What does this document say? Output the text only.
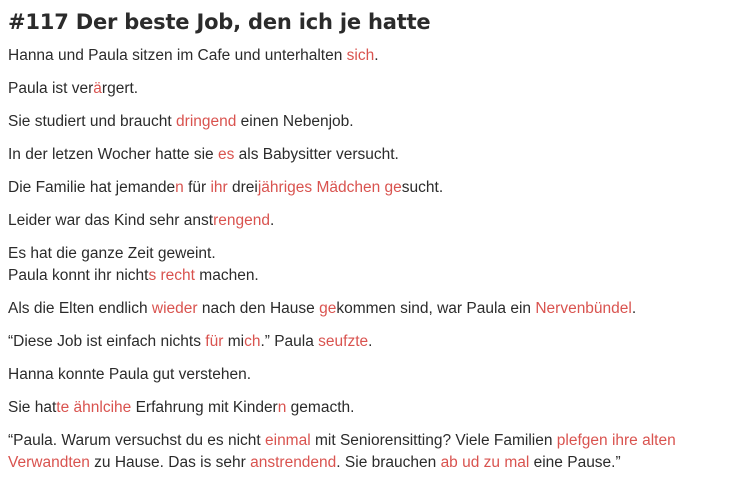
#117 Der beste Job, den ich je hatte
Hanna und Paula sitzen im Cafe und unterhalten sich.
Paula ist verärgert.
Sie studiert und braucht dringend einen Nebenjob.
In der letzen Wocher hatte sie es als Babysitter versucht.
Die Familie hat jemanden für ihr dreijähriges Mädchen gesucht.
Leider war das Kind sehr anstrengend.
Es hat die ganze Zeit geweint.
Paula konnt ihr nichts recht machen.
Als die Elten endlich wieder nach den Hause gekommen sind, war Paula ein Nervenbündel.
“Diese Job ist einfach nichts für mich.” Paula seufzte.
Hanna konnte Paula gut verstehen.
Sie hatte ähnlcihe Erfahrung mit Kindern gemacth.
“Paula. Warum versuchst du es nicht einmal mit Seniorensitting? Viele Familien plefgen ihre alten Verwandten zu Hause. Das is sehr anstrendend. Sie brauchen ab ud zu mal eine Pause.”
